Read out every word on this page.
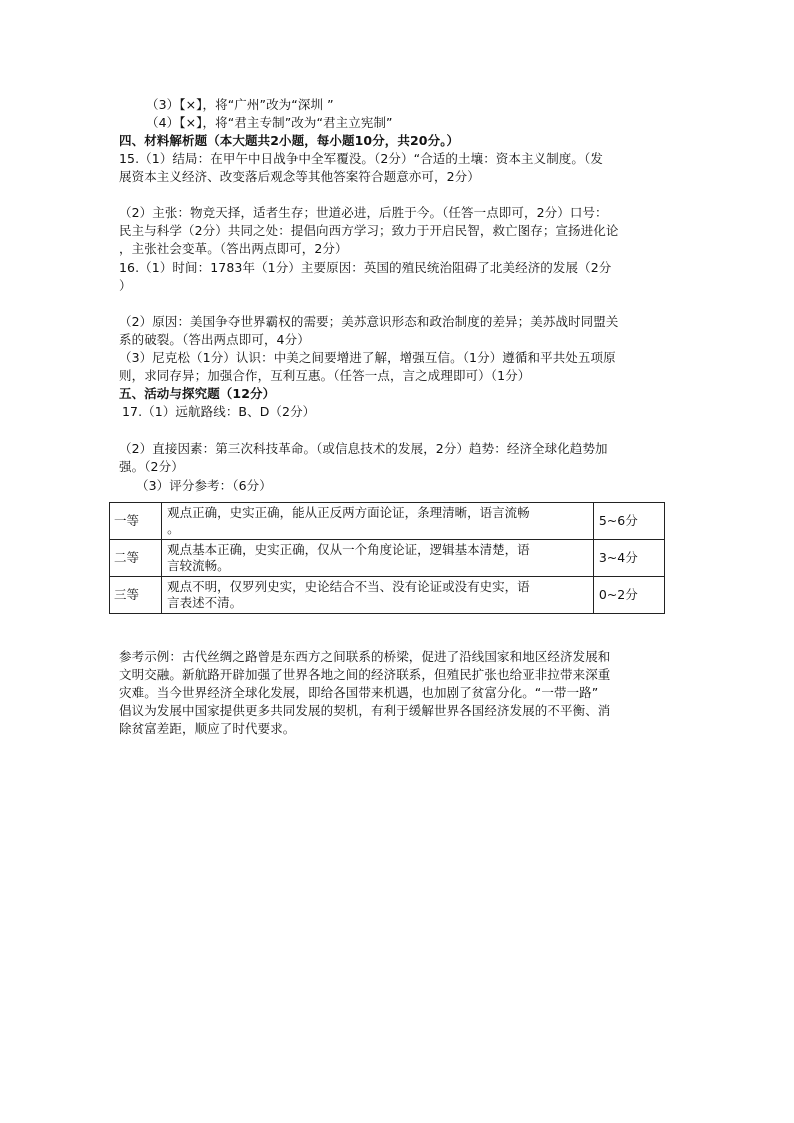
（3）【×】，将“广州”改为“深圳 ”
（4）【×】，将“君主专制”改为“君主立宪制”
四、材料解析题（本大题共2小题，每小题10分，共20分。）
15.（1）结局：在甲午中日战争中全军覆没。（2分）“合适的土壤：资本主义制度。（发
展资本主义经济、改变落后观念等其他答案符合题意亦可，2分）
（2）主张：物竞天择，适者生存；世道必进，后胜于今。（任答一点即可，2分）口号：
民主与科学（2分）共同之处：提倡向西方学习；致力于开启民智，救亡图存；宣扬进化论
，主张社会变革。（答出两点即可，2分）
16.（1）时间：1783年（1分）主要原因：英国的殖民统治阻碍了北美经济的发展（2分
）
（2）原因：美国争夺世界霸权的需要；美苏意识形态和政治制度的差异；美苏战时同盟关
系的破裂。（答出两点即可，4分）
（3）尼克松（1分）认识：中美之间要增进了解，增强互信。（1分）遵循和平共处五项原
则，求同存异；加强合作，互利互惠。（任答一点，言之成理即可）（1分）
五、活动与探究题（12分）
17.（1）远航路线：B、D（2分）
（2）直接因素：第三次科技革命。（或信息技术的发展，2分）趋势：经济全球化趋势加
强。（2分）
（3）评分参考：（6分）
一等	观点正确，史实正确，能从正反两方面论证，条理清晰，语言流畅
。	5~6分
二等	观点基本正确，史实正确，仅从一个角度论证，逻辑基本清楚，语
言较流畅。	3~4分
三等	观点不明，仅罗列史实，史论结合不当、没有论证或没有史实，语
言表述不清。	0~2分
参考示例：古代丝绸之路曾是东西方之间联系的桥梁，促进了沿线国家和地区经济发展和
文明交融。新航路开辟加强了世界各地之间的经济联系，但殖民扩张也给亚非拉带来深重
灾难。当今世界经济全球化发展，即给各国带来机遇，也加剧了贫富分化。“一带一路”
倡议为发展中国家提供更多共同发展的契机，有利于缓解世界各国经济发展的不平衡、消
除贫富差距，顺应了时代要求。
